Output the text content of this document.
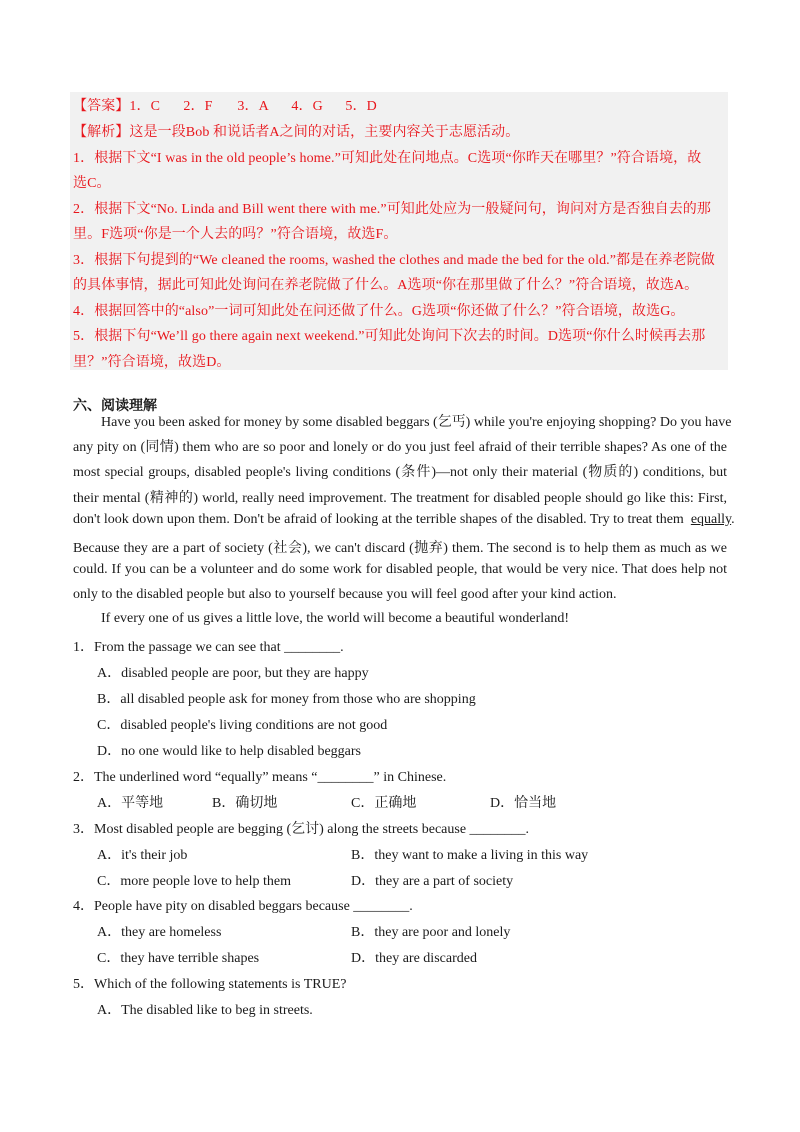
【答案】1．C 2．F 3．A 4．G 5．D
【解析】这是一段Bob 和说话者A之间的对话，主要内容关于志愿活动。
1．根据下文“I was in the old people’s home.”可知此处在问地点。C选项“你昨天在哪里？”符合语境，故
选C。
2．根据下文“No. Linda and Bill went there with me.”可知此处应为一般疑问句，询问对方是否独自去的那
里。F选项“你是一个人去的吗？”符合语境，故选F。
3．根据下句提到的“We cleaned the rooms, washed the clothes and made the bed for the old.”都是在养老院做
的具体事情，据此可知此处询问在养老院做了什么。A选项“你在那里做了什么？”符合语境，故选A。
4．根据回答中的“also”一词可知此处在问还做了什么。G选项“你还做了什么？”符合语境，故选G。
5．根据下句“We’ll go there again next weekend.”可知此处询问下次去的时间。D选项“你什么时候再去那
里？”符合语境，故选D。
六、阅读理解
Have you been asked for money by some disabled beggars (乞丐) while you're enjoying shopping? Do you have
any pity on (同情) them who are so poor and lonely or do you just feel afraid of their terrible shapes? As one of the
most special groups, disabled people's living conditions (条件)—not only their material (物质的) conditions, but
their mental (精神的) world, really need improvement. The treatment for disabled people should go like this: First,
don't look down upon them. Don't be afraid of looking at the terrible shapes of the disabled. Try to treat them equally.
Because they are a part of society (社会), we can't discard (抛弃) them. The second is to help them as much as we
could. If you can be a volunteer and do some work for disabled people, that would be very nice. That does help not
only to the disabled people but also to yourself because you will feel good after your kind action.
If every one of us gives a little love, the world will become a beautiful wonderland!
1．From the passage we can see that ________.
A．disabled people are poor, but they are happy
B．all disabled people ask for money from those who are shopping
C．disabled people's living conditions are not good
D．no one would like to help disabled beggars
2．The underlined word “equally” means “________” in Chinese.
A．平等地	B．确切地	C．正确地	D．恰当地
3．Most disabled people are begging (乞讨) along the streets because ________.
A．it's their job	B．they want to make a living in this way
C．more people love to help them	D．they are a part of society
4．People have pity on disabled beggars because ________.
A．they are homeless	B．they are poor and lonely
C．they have terrible shapes	D．they are discarded
5．Which of the following statements is TRUE?
A．The disabled like to beg in streets.
